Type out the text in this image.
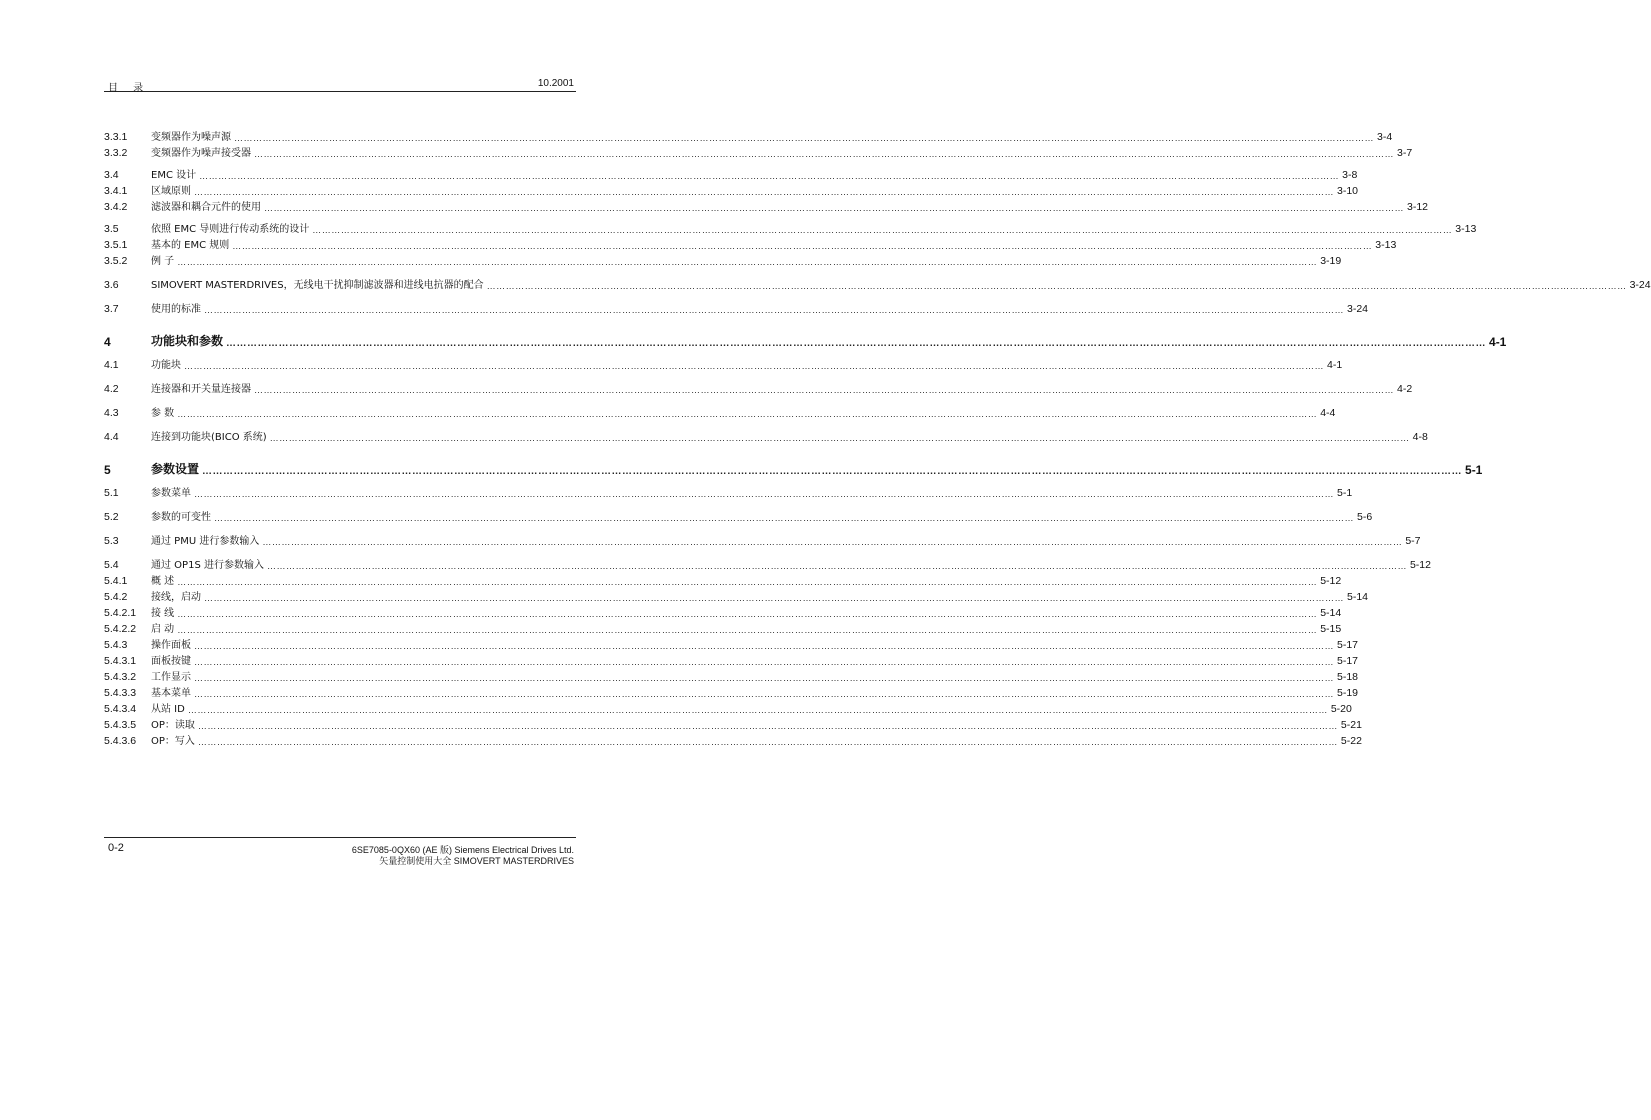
目 录	10.2001
3.3.1	变频器作为噪声源 ……………………………………………………………………………………………………………………………………………………………………………………………………………………………………………………………………………………………………………………………… 3-4
3.3.2	变频器作为噪声接受器 ……………………………………………………………………………………………………………………………………………………………………………………………………………………………………………………………………………………………………………………………… 3-7
3.4	EMC 设计 ……………………………………………………………………………………………………………………………………………………………………………………………………………………………………………………………………………………………………………………………… 3-8
3.4.1	区域原则 ……………………………………………………………………………………………………………………………………………………………………………………………………………………………………………………………………………………………………………………………… 3-10
3.4.2	滤波器和耦合元件的使用 ……………………………………………………………………………………………………………………………………………………………………………………………………………………………………………………………………………………………………………………………… 3-12
3.5	依照 EMC 导则进行传动系统的设计 ……………………………………………………………………………………………………………………………………………………………………………………………………………………………………………………………………………………………………………………………… 3-13
3.5.1	基本的 EMC 规则 ……………………………………………………………………………………………………………………………………………………………………………………………………………………………………………………………………………………………………………………………… 3-13
3.5.2	例 子 ……………………………………………………………………………………………………………………………………………………………………………………………………………………………………………………………………………………………………………………………… 3-19
3.6	SIMOVERT MASTERDRIVES，无线电干扰抑制滤波器和进线电抗器的配合 ……………………………………………………………………………………………………………………………………………………………………………………………………………………………………………………………………………………………………………………………… 3-24
3.7	使用的标准 ……………………………………………………………………………………………………………………………………………………………………………………………………………………………………………………………………………………………………………………………… 3-24
4	功能块和参数 ……………………………………………………………………………………………………………………………………………………………………………………………………………………………………………………………………………………………………………………………… 4-1
4.1	功能块 ……………………………………………………………………………………………………………………………………………………………………………………………………………………………………………………………………………………………………………………………… 4-1
4.2	连接器和开关量连接器 ……………………………………………………………………………………………………………………………………………………………………………………………………………………………………………………………………………………………………………………………… 4-2
4.3	参 数 ……………………………………………………………………………………………………………………………………………………………………………………………………………………………………………………………………………………………………………………………… 4-4
4.4	连接到功能块(BICO 系统) ……………………………………………………………………………………………………………………………………………………………………………………………………………………………………………………………………………………………………………………………… 4-8
5	参数设置 ……………………………………………………………………………………………………………………………………………………………………………………………………………………………………………………………………………………………………………………………… 5-1
5.1	参数菜单 ……………………………………………………………………………………………………………………………………………………………………………………………………………………………………………………………………………………………………………………………… 5-1
5.2	参数的可变性 ……………………………………………………………………………………………………………………………………………………………………………………………………………………………………………………………………………………………………………………………… 5-6
5.3	通过 PMU 进行参数输入 ……………………………………………………………………………………………………………………………………………………………………………………………………………………………………………………………………………………………………………………………… 5-7
5.4	通过 OP1S 进行参数输入 ……………………………………………………………………………………………………………………………………………………………………………………………………………………………………………………………………………………………………………………………… 5-12
5.4.1	概 述 ……………………………………………………………………………………………………………………………………………………………………………………………………………………………………………………………………………………………………………………………… 5-12
5.4.2	接线，启动 ……………………………………………………………………………………………………………………………………………………………………………………………………………………………………………………………………………………………………………………………… 5-14
5.4.2.1	接 线 ……………………………………………………………………………………………………………………………………………………………………………………………………………………………………………………………………………………………………………………………… 5-14
5.4.2.2	启 动 ……………………………………………………………………………………………………………………………………………………………………………………………………………………………………………………………………………………………………………………………… 5-15
5.4.3	操作面板 ……………………………………………………………………………………………………………………………………………………………………………………………………………………………………………………………………………………………………………………………… 5-17
5.4.3.1	面板按键 ……………………………………………………………………………………………………………………………………………………………………………………………………………………………………………………………………………………………………………………………… 5-17
5.4.3.2	工作显示 ……………………………………………………………………………………………………………………………………………………………………………………………………………………………………………………………………………………………………………………………… 5-18
5.4.3.3	基本菜单 ……………………………………………………………………………………………………………………………………………………………………………………………………………………………………………………………………………………………………………………………… 5-19
5.4.3.4	从站 ID ……………………………………………………………………………………………………………………………………………………………………………………………………………………………………………………………………………………………………………………………… 5-20
5.4.3.5	OP：读取 ……………………………………………………………………………………………………………………………………………………………………………………………………………………………………………………………………………………………………………………………… 5-21
5.4.3.6	OP：写入 ……………………………………………………………………………………………………………………………………………………………………………………………………………………………………………………………………………………………………………………………… 5-22
0-2	6SE7085-0QX60 (AE 版) Siemens Electrical Drives Ltd.
矢量控制使用大全 SIMOVERT MASTERDRIVES
